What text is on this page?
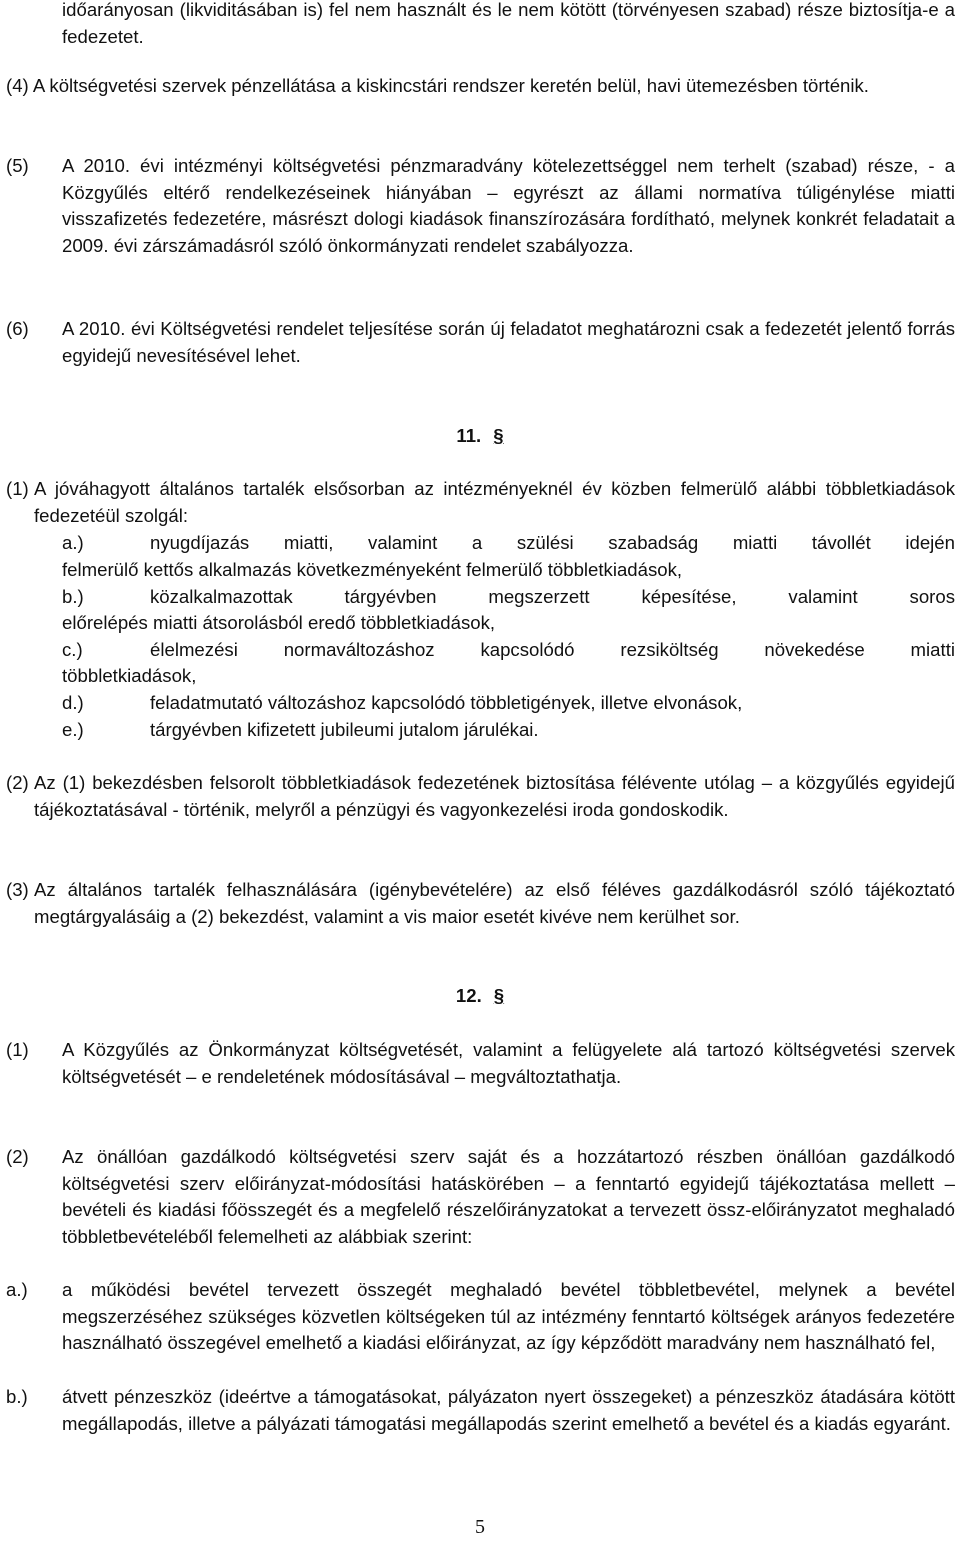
időarányosan (likviditásában is) fel nem használt és le nem kötött (törvényesen szabad) része biztosítja-e a fedezetet.
(4) A költségvetési szervek pénzellátása a kiskincstári rendszer keretén belül, havi ütemezésben történik.
(5) A 2010. évi intézményi költségvetési pénzmaradvány kötelezettséggel nem terhelt (szabad) része, - a Közgyűlés eltérő rendelkezéseinek hiányában – egyrészt az állami normatíva túligénylése miatti visszafizetés fedezetére, másrészt dologi kiadások finanszírozására fordítható, melynek konkrét feladatait a 2009. évi zárszámadásról szóló önkormányzati rendelet szabályozza.
(6) A 2010. évi Költségvetési rendelet teljesítése során új feladatot meghatározni csak a fedezetét jelentő forrás egyidejű nevesítésével lehet.
11. §
(1) A jóváhagyott általános tartalék elsősorban az intézményeknél év közben felmerülő alábbi többletkiadások fedezetéül szolgál:
a.)	nyugdíjazás miatti, valamint a szülési szabadság miatti távollét idején
felmerülő kettős alkalmazás következményeként felmerülő többletkiadások,
b.)	közalkalmazottak tárgyévben megszerzett képesítése, valamint soros
előrelépés miatti átsorolásból eredő többletkiadások,
c.)	élelmezési normaváltozáshoz kapcsolódó rezsiköltség növekedése miatti
többletkiadások,
d.)	feladatmutató változáshoz kapcsolódó többletigények, illetve elvonások,
e.)	tárgyévben kifizetett jubileumi jutalom járulékai.
(2) Az (1) bekezdésben felsorolt többletkiadások fedezetének biztosítása félévente utólag – a közgyűlés egyidejű tájékoztatásával - történik, melyről a pénzügyi és vagyonkezelési iroda gondoskodik.
(3) Az általános tartalék felhasználására (igénybevételére) az első féléves gazdálkodásról szóló tájékoztató megtárgyalásáig a (2) bekezdést, valamint a vis maior esetét kivéve nem kerülhet sor.
12. §
(1) A Közgyűlés az Önkormányzat költségvetését, valamint a felügyelete alá tartozó költségvetési szervek költségvetését – e rendeletének módosításával – megváltoztathatja.
(2) Az önállóan gazdálkodó költségvetési szerv saját és a hozzátartozó részben önállóan gazdálkodó költségvetési szerv előirányzat-módosítási hatáskörében – a fenntartó egyidejű tájékoztatása mellett – bevételi és kiadási főösszegét és a megfelelő részelőirányzatokat a tervezett össz-előirányzatot meghaladó többletbevételéből felemelheti az alábbiak szerint:
a.) a működési bevétel tervezett összegét meghaladó bevétel többletbevétel, melynek a bevétel megszerzéséhez szükséges közvetlen költségeken túl az intézmény fenntartó költségek arányos fedezetére használható összegével emelhető a kiadási előirányzat, az így képződött maradvány nem használható fel,
b.) átvett pénzeszköz (ideértve a támogatásokat, pályázaton nyert összegeket) a pénzeszköz átadására kötött megállapodás, illetve a pályázati támogatási megállapodás szerint emelhető a bevétel és a kiadás egyaránt.
5
